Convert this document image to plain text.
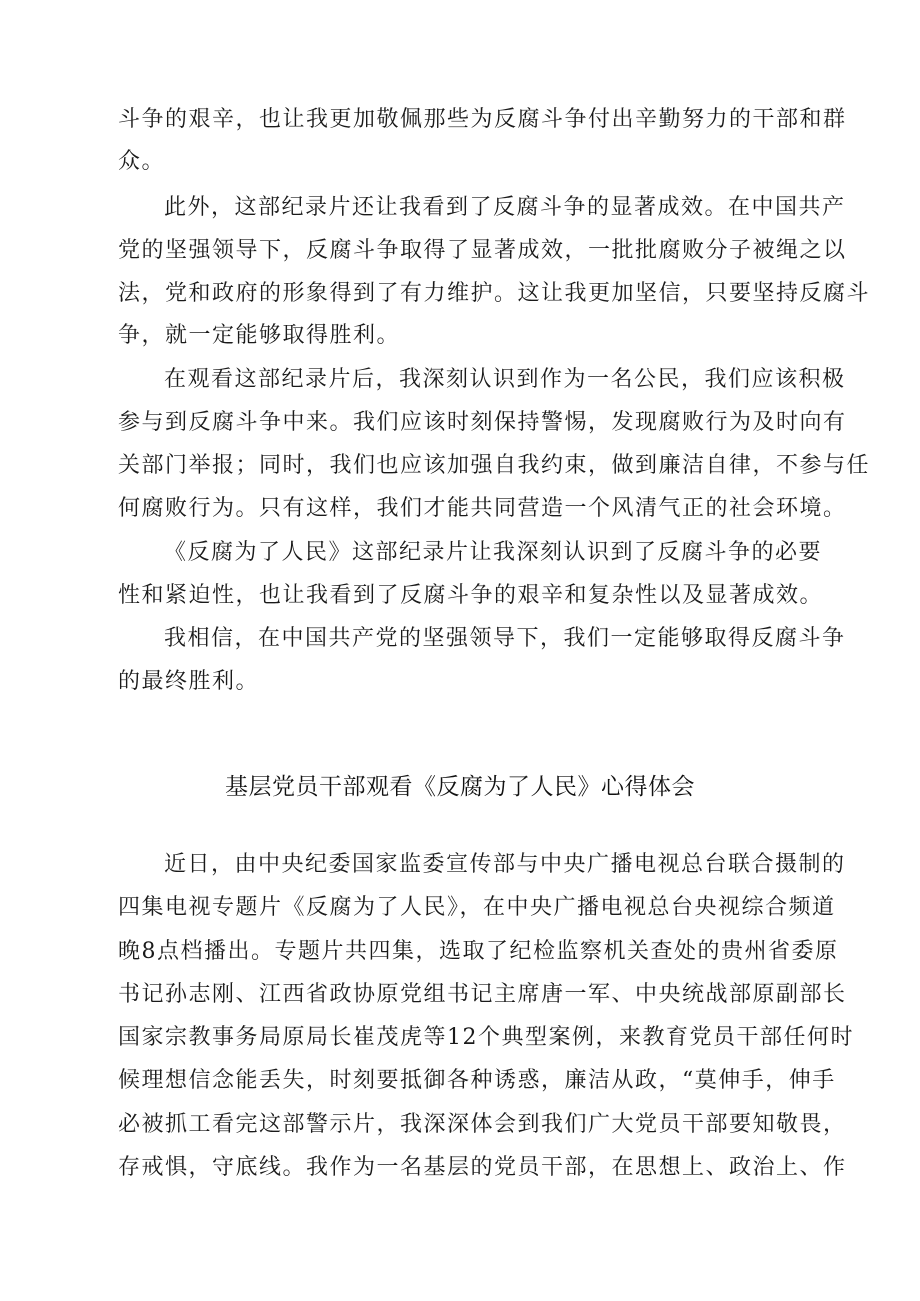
斗争的艰辛，也让我更加敬佩那些为反腐斗争付出辛勤努力的干部和群
众。
此外，这部纪录片还让我看到了反腐斗争的显著成效。在中国共产
党的坚强领导下，反腐斗争取得了显著成效，一批批腐败分子被绳之以
法，党和政府的形象得到了有力维护。这让我更加坚信，只要坚持反腐斗
争，就一定能够取得胜利。
在观看这部纪录片后，我深刻认识到作为一名公民，我们应该积极
参与到反腐斗争中来。我们应该时刻保持警惕，发现腐败行为及时向有
关部门举报；同时，我们也应该加强自我约束，做到廉洁自律，不参与任
何腐败行为。只有这样，我们才能共同营造一个风清气正的社会环境。
《反腐为了人民》这部纪录片让我深刻认识到了反腐斗争的必要
性和紧迫性，也让我看到了反腐斗争的艰辛和复杂性以及显著成效。
我相信，在中国共产党的坚强领导下，我们一定能够取得反腐斗争
的最终胜利。
基层党员干部观看《反腐为了人民》心得体会
近日，由中央纪委国家监委宣传部与中央广播电视总台联合摄制的
四集电视专题片《反腐为了人民》，在中央广播电视总台央视综合频道
晚8点档播出。专题片共四集，选取了纪检监察机关查处的贵州省委原
书记孙志刚、江西省政协原党组书记主席唐一军、中央统战部原副部长
国家宗教事务局原局长崔茂虎等12个典型案例，来教育党员干部任何时
候理想信念能丢失，时刻要抵御各种诱惑，廉洁从政，“莫伸手，伸手
必被抓工看完这部警示片，我深深体会到我们广大党员干部要知敬畏，
存戒惧，守底线。我作为一名基层的党员干部，在思想上、政治上、作
